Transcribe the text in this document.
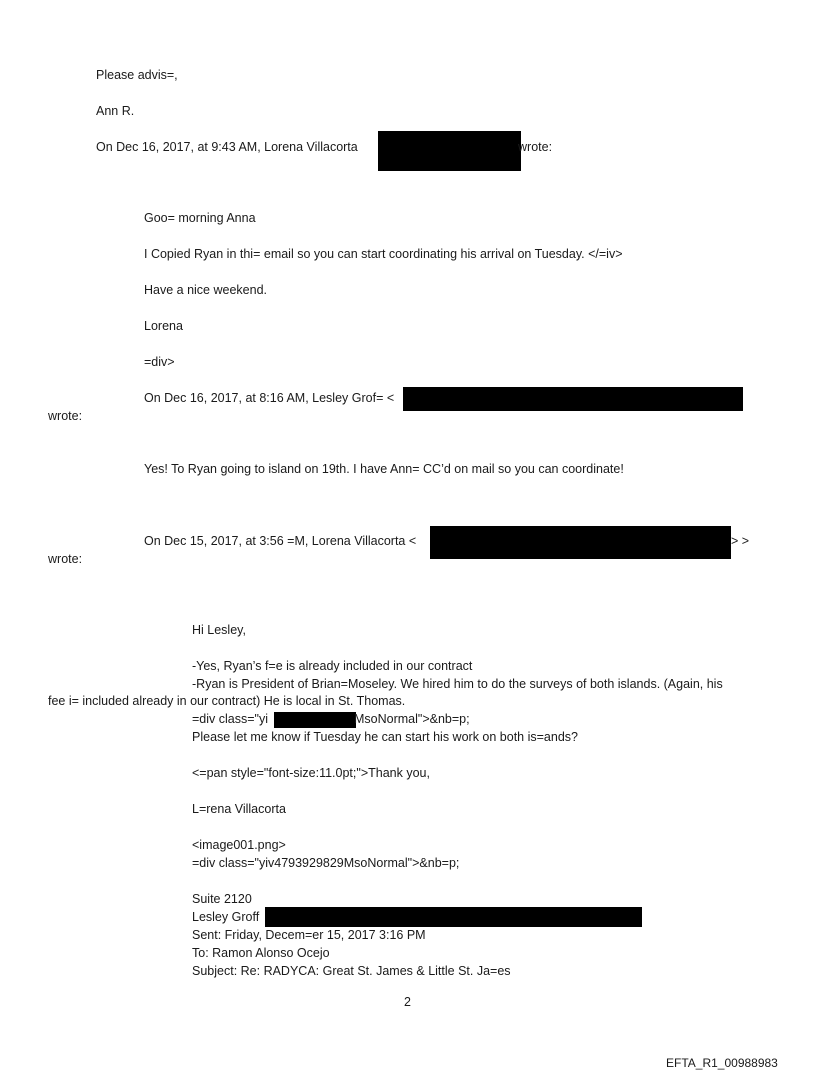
Please advis=,
Ann R.
On Dec 16, 2017, at 9:43 AM, Lorena Villacorta	wrote:
Goo= morning Anna
I Copied Ryan in thi= email so you can start coordinating his arrival on Tuesday. </=iv>
Have a nice weekend.
Lorena
=div>
On Dec 16, 2017, at 8:16 AM, Lesley Grof= <
wrote:
Yes! To Ryan going to island on 19th. I have Ann= CC’d on mail so you can coordinate!
On Dec 15, 2017, at 3:56 =M, Lorena Villacorta <	> >
wrote:
Hi Lesley,
-Yes, Ryan’s f=e is already included in our contract
-Ryan is President of Brian=Moseley. We hired him to do the surveys of both islands. (Again, his
fee i= included already in our contract) He is local in St. Thomas.
=div class="yi	MsoNormal">&nb=p;
Please let me know if Tuesday he can start his work on both is=ands?
<=pan style="font-size:11.0pt;">Thank you,
L=rena Villacorta
<image001.png>
=div class="yiv4793929829MsoNormal">&nb=p;
Suite 2120
Lesley Groff
Sent: Friday, Decem=er 15, 2017 3:16 PM
To: Ramon Alonso Ocejo
Subject: Re: RADYCA: Great St. James & Little St. Ja=es
2
EFTA_R1_00988983
